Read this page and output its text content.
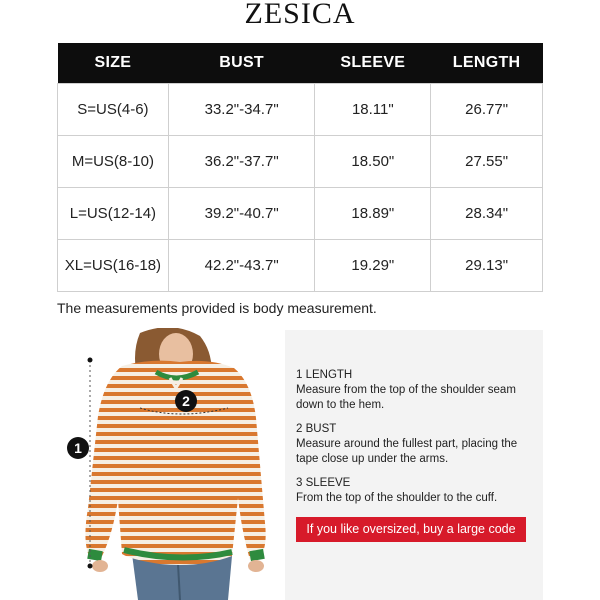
ZESICA
SIZE	BUST	SLEEVE	LENGTH
S=US(4-6)	33.2"-34.7"	18.11"	26.77"
M=US(8-10)	36.2"-37.7"	18.50"	27.55"
L=US(12-14)	39.2"-40.7"	18.89"	28.34"
XL=US(16-18)	42.2"-43.7"	19.29"	29.13"
The measurements provided is body measurement.
1
2
1 LENGTH
Measure from the top of the shoulder seam down to the hem.
2 BUST
Measure around the fullest part, placing the tape close up under the arms.
3 SLEEVE
From the top of the shoulder to the cuff.
If you like oversized, buy a large code
